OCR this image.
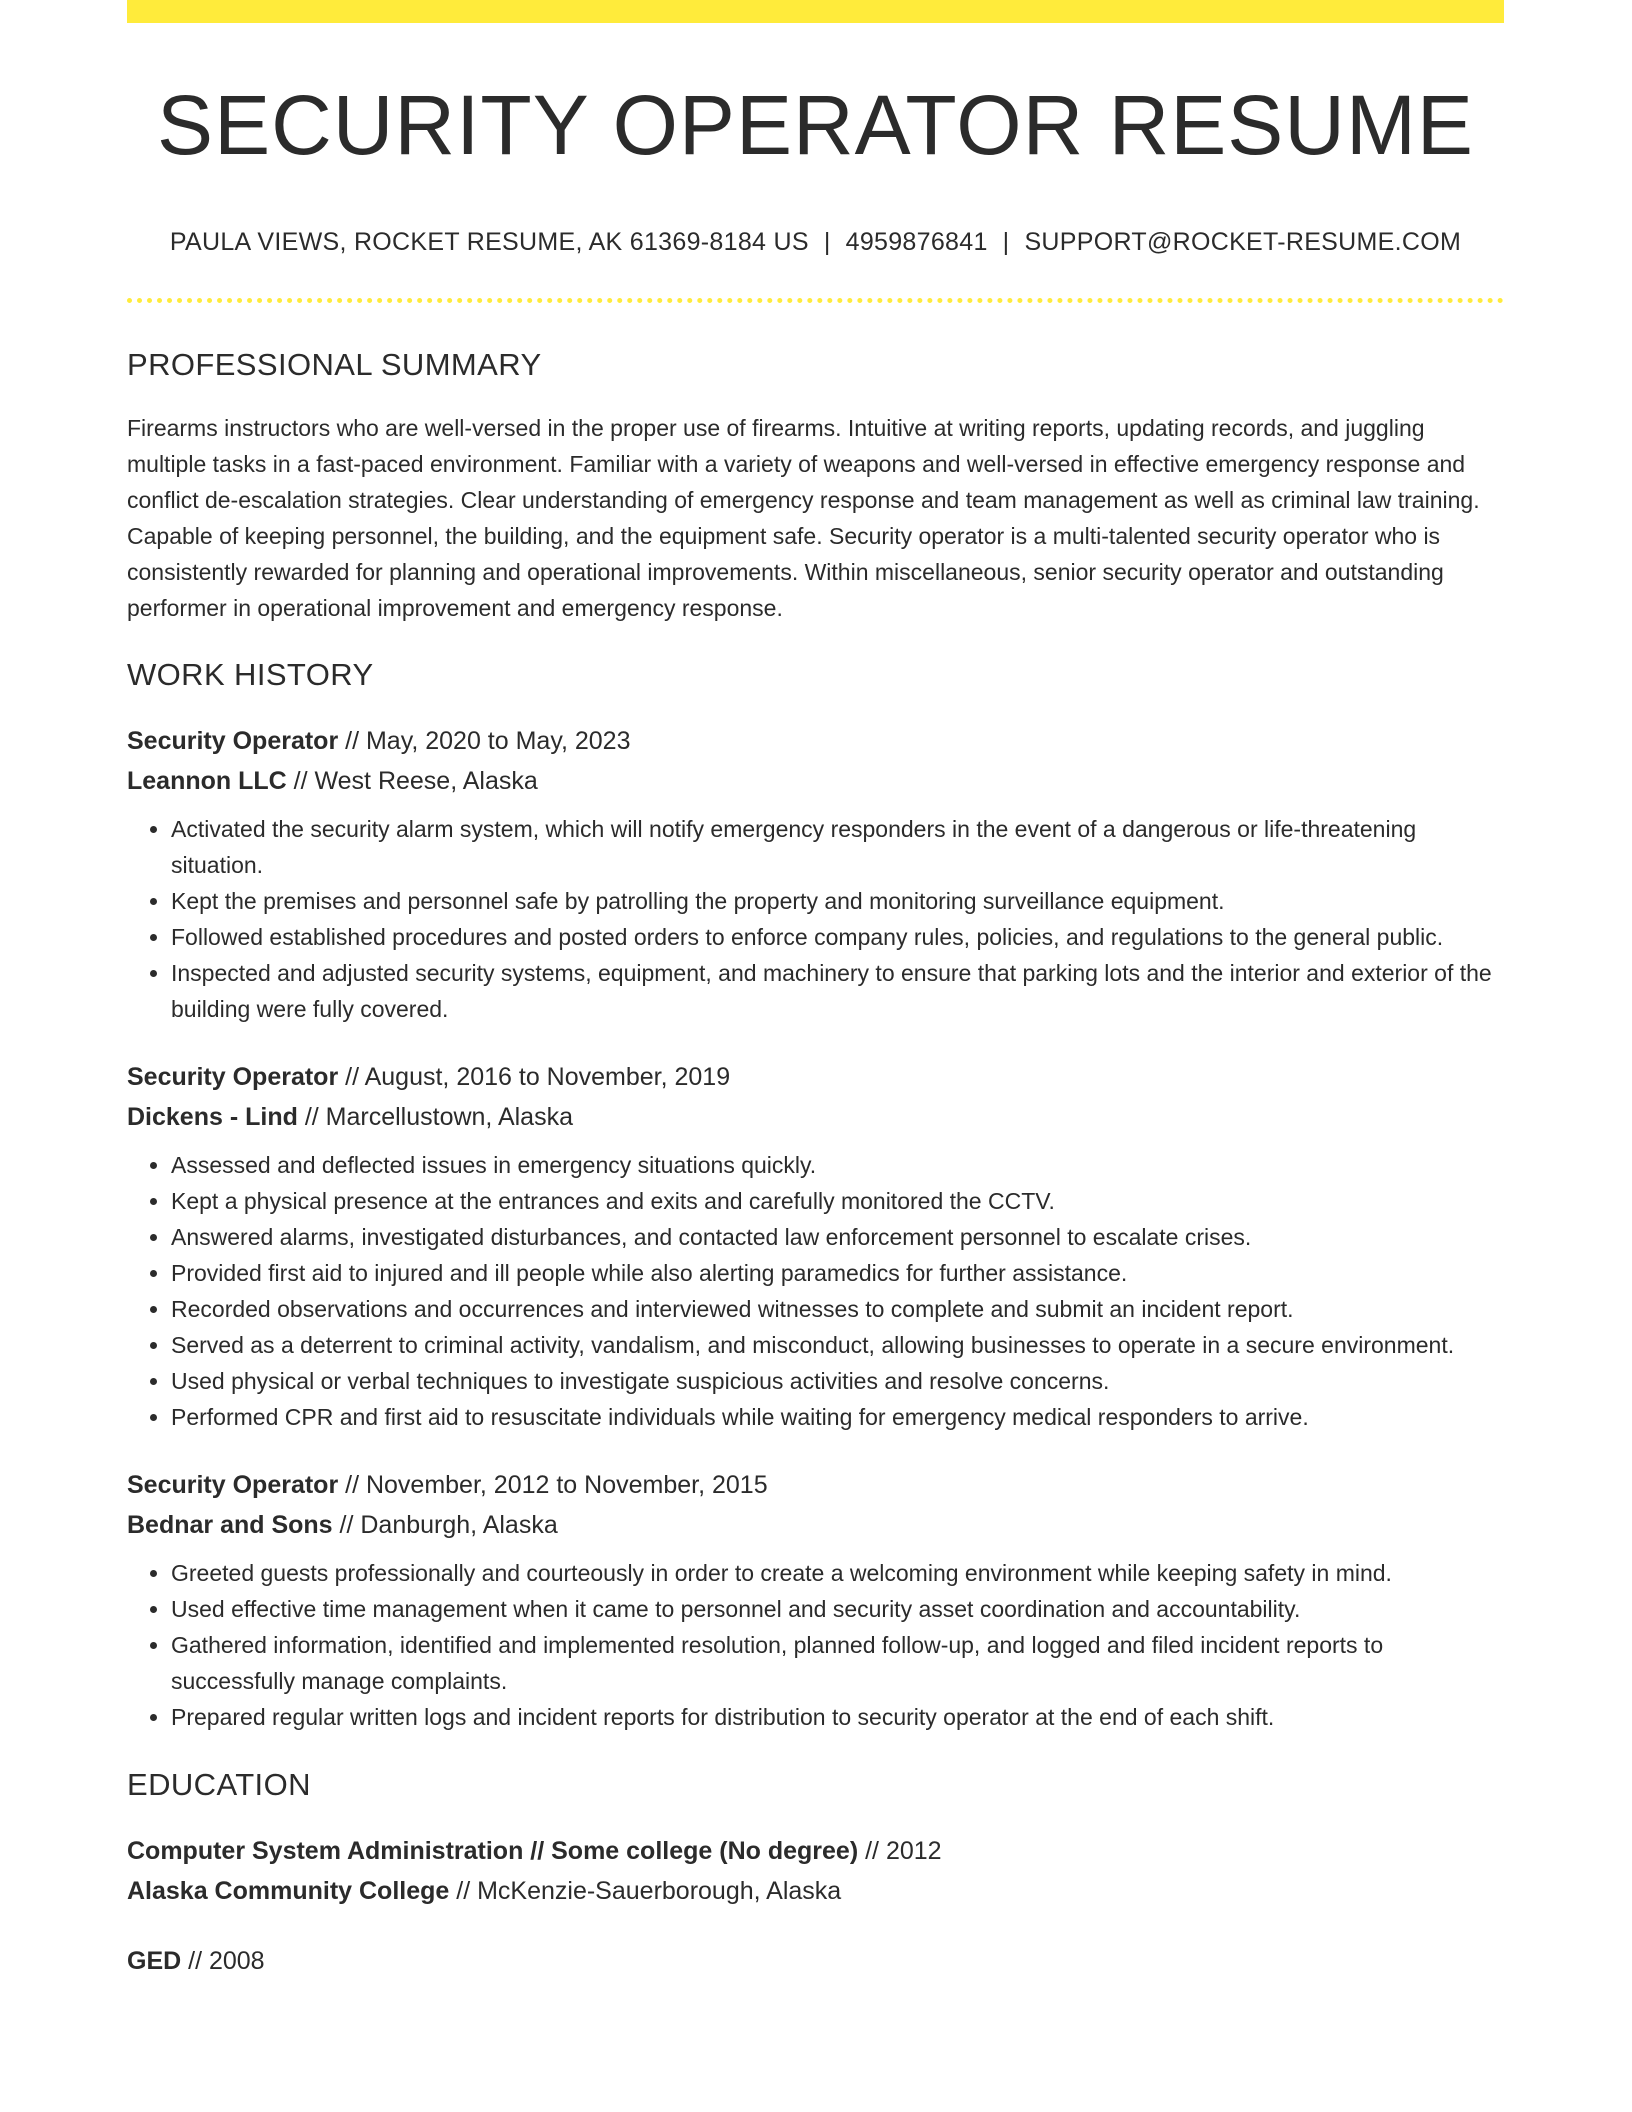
SECURITY OPERATOR RESUME
PAULA VIEWS, ROCKET RESUME, AK 61369-8184 US | 4959876841 | SUPPORT@ROCKET-RESUME.COM
PROFESSIONAL SUMMARY
Firearms instructors who are well-versed in the proper use of firearms. Intuitive at writing reports, updating records, and juggling multiple tasks in a fast-paced environment. Familiar with a variety of weapons and well-versed in effective emergency response and conflict de-escalation strategies. Clear understanding of emergency response and team management as well as criminal law training. Capable of keeping personnel, the building, and the equipment safe. Security operator is a multi-talented security operator who is consistently rewarded for planning and operational improvements. Within miscellaneous, senior security operator and outstanding performer in operational improvement and emergency response.
WORK HISTORY
Security Operator // May, 2020 to May, 2023
Leannon LLC // West Reese, Alaska
• Activated the security alarm system, which will notify emergency responders in the event of a dangerous or life-threatening situation.
• Kept the premises and personnel safe by patrolling the property and monitoring surveillance equipment.
• Followed established procedures and posted orders to enforce company rules, policies, and regulations to the general public.
• Inspected and adjusted security systems, equipment, and machinery to ensure that parking lots and the interior and exterior of the building were fully covered.
Security Operator // August, 2016 to November, 2019
Dickens - Lind // Marcellustown, Alaska
• Assessed and deflected issues in emergency situations quickly.
• Kept a physical presence at the entrances and exits and carefully monitored the CCTV.
• Answered alarms, investigated disturbances, and contacted law enforcement personnel to escalate crises.
• Provided first aid to injured and ill people while also alerting paramedics for further assistance.
• Recorded observations and occurrences and interviewed witnesses to complete and submit an incident report.
• Served as a deterrent to criminal activity, vandalism, and misconduct, allowing businesses to operate in a secure environment.
• Used physical or verbal techniques to investigate suspicious activities and resolve concerns.
• Performed CPR and first aid to resuscitate individuals while waiting for emergency medical responders to arrive.
Security Operator // November, 2012 to November, 2015
Bednar and Sons // Danburgh, Alaska
• Greeted guests professionally and courteously in order to create a welcoming environment while keeping safety in mind.
• Used effective time management when it came to personnel and security asset coordination and accountability.
• Gathered information, identified and implemented resolution, planned follow-up, and logged and filed incident reports to successfully manage complaints.
• Prepared regular written logs and incident reports for distribution to security operator at the end of each shift.
EDUCATION
Computer System Administration // Some college (No degree) // 2012
Alaska Community College // McKenzie-Sauerborough, Alaska
GED // 2008
